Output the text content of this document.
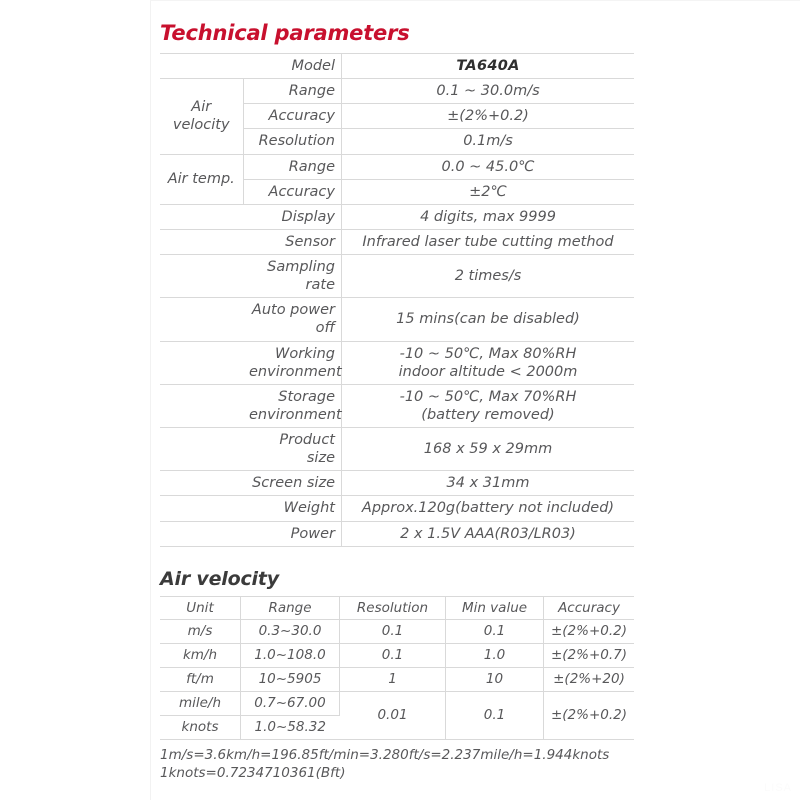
Technical parameters
	Model	TA640A
Air velocity	Range	0.1 ~ 30.0m/s
	Accuracy	±(2%+0.2)
	Resolution	0.1m/s
Air temp.	Range	0.0 ~ 45.0℃
	Accuracy	±2℃
	Display	4 digits, max 9999
	Sensor	Infrared laser tube cutting method
	Sampling rate	2 times/s
	Auto power off	15 mins(can be disabled)

	Working environment	-10 ~ 50℃, Max 80%RH
indoor altitude < 2000m

	Storage environment	-10 ~ 50℃, Max 70%RH
(battery removed)

	Product size	168 x 59 x 29mm
	Screen size	34 x 31mm
	Weight	Approx.120g(battery not included)
	Power	2 x 1.5V AAA(R03/LR03)
Air velocity
Unit	Range	Resolution	Min value	Accuracy
m/s	0.3~30.0	0.1	0.1	±(2%+0.2)
km/h	1.0~108.0	0.1	1.0	±(2%+0.7)
ft/m	10~5905	1	10	±(2%+20)
mile/h	0.7~67.00	0.01	0.1	±(2%+0.2)
knots	1.0~58.32			
1m/s=3.6km/h=196.85ft/min=3.280ft/s=2.237mile/h=1.944knots
1knots=0.7234710361(Bft)
LISA
